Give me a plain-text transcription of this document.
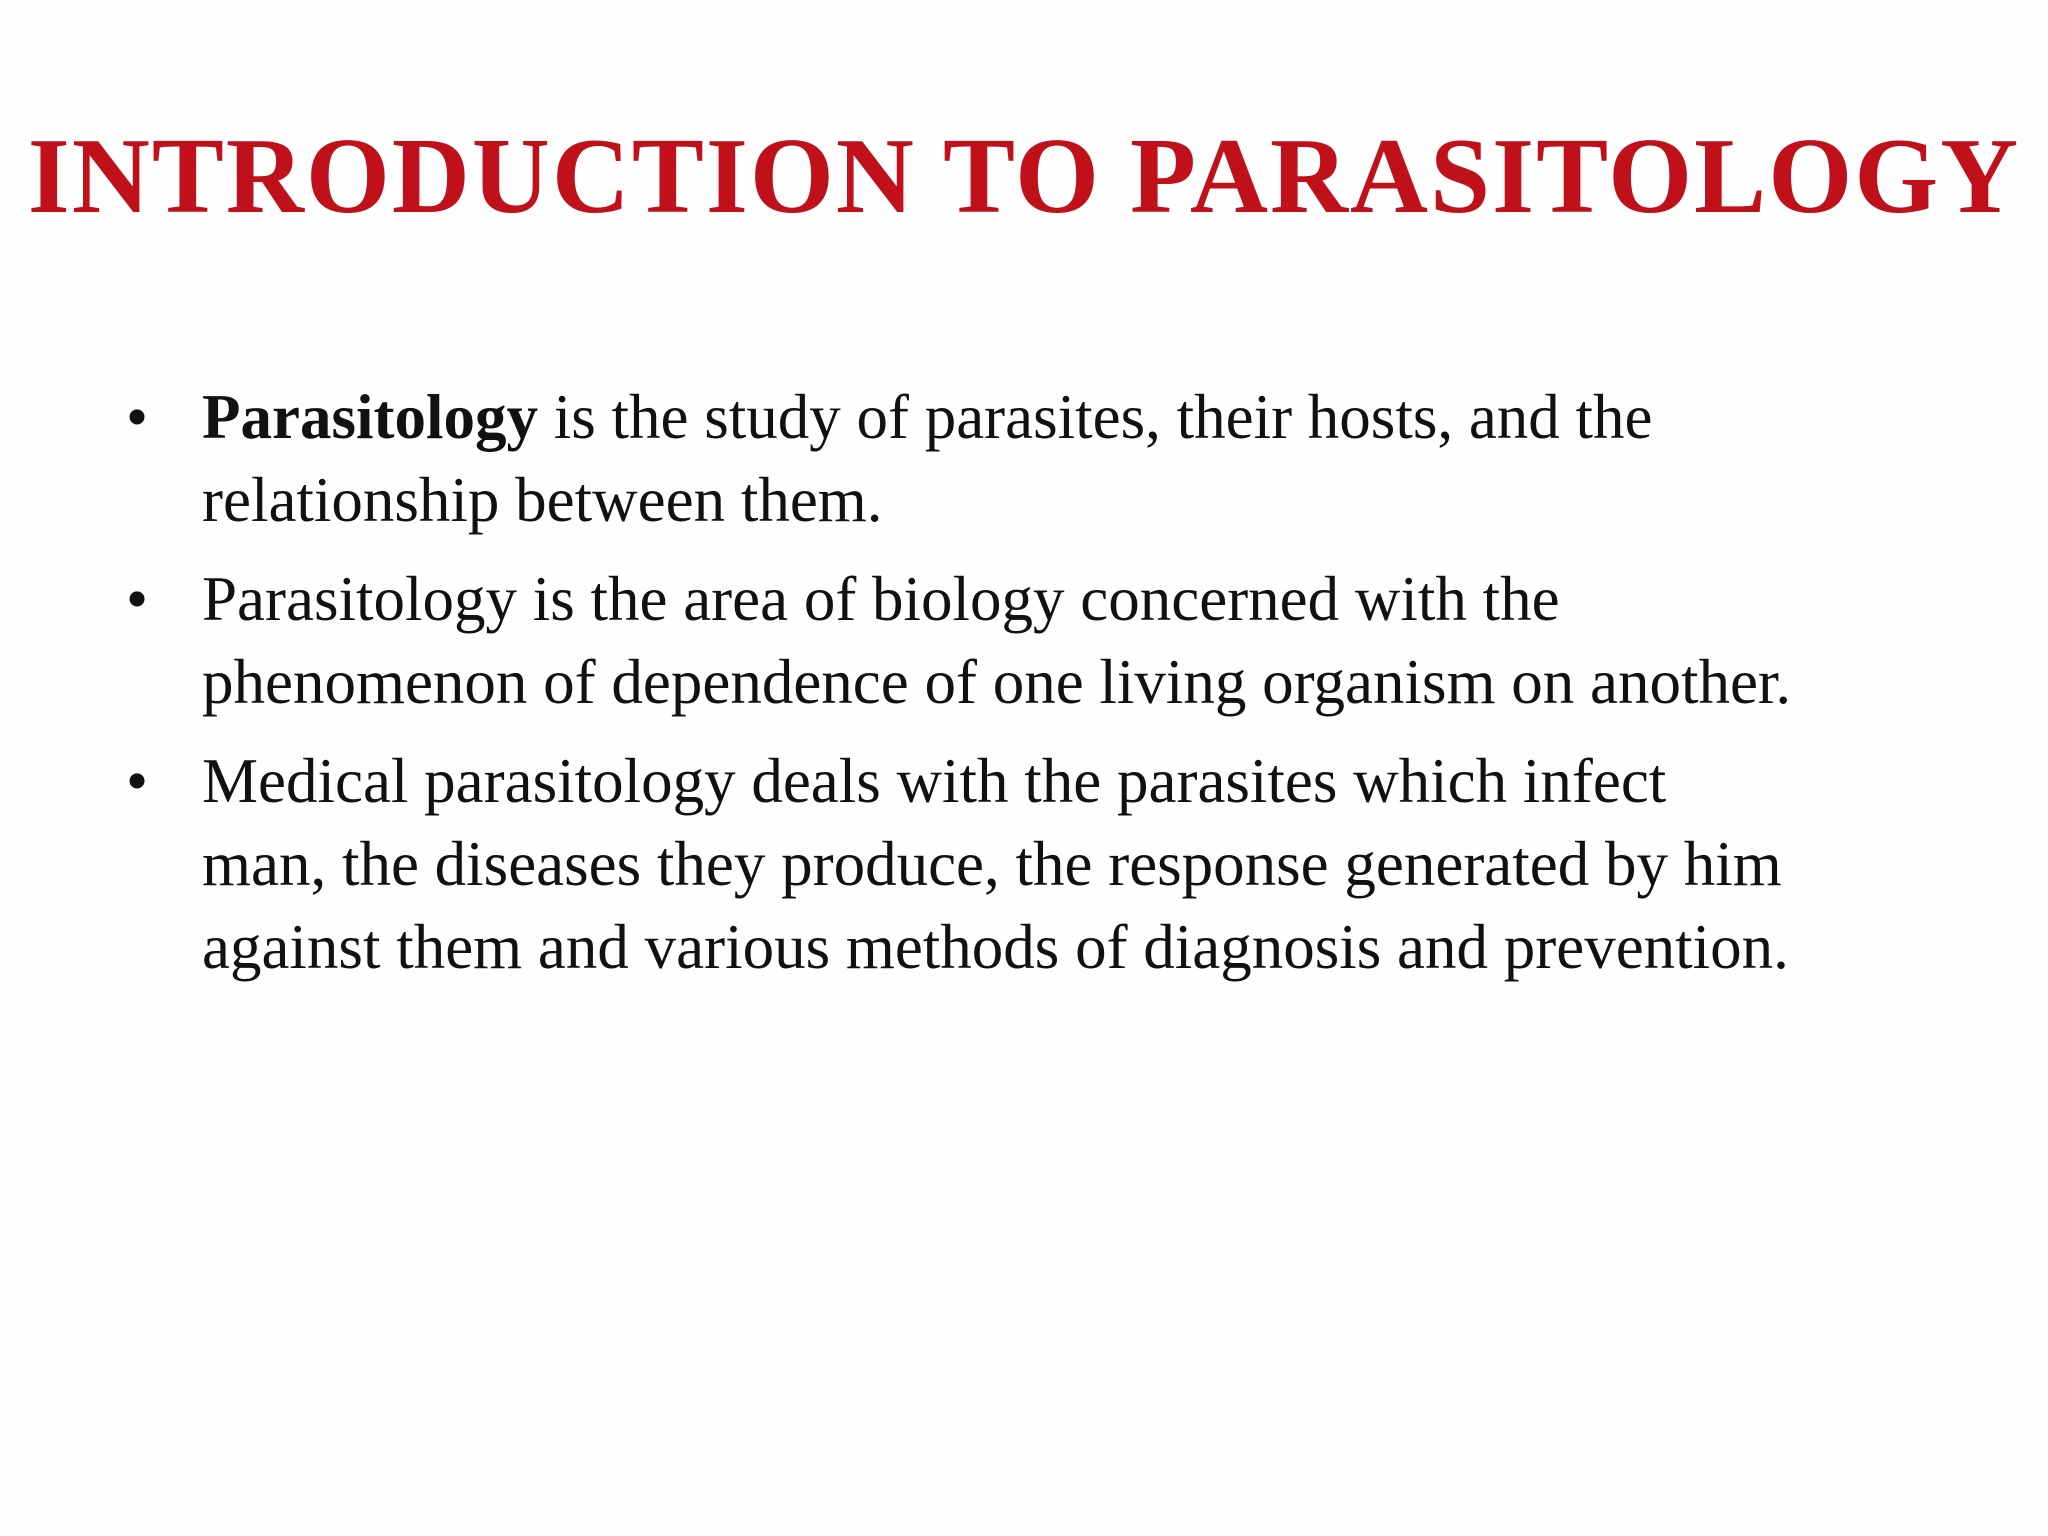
INTRODUCTION TO PARASITOLOGY
• Parasitology is the study of parasites, their hosts, and the
relationship between them.
• Parasitology is the area of biology concerned with the
phenomenon of dependence of one living organism on another.
• Medical parasitology deals with the parasites which infect
man, the diseases they produce, the response generated by him
against them and various methods of diagnosis and prevention.
